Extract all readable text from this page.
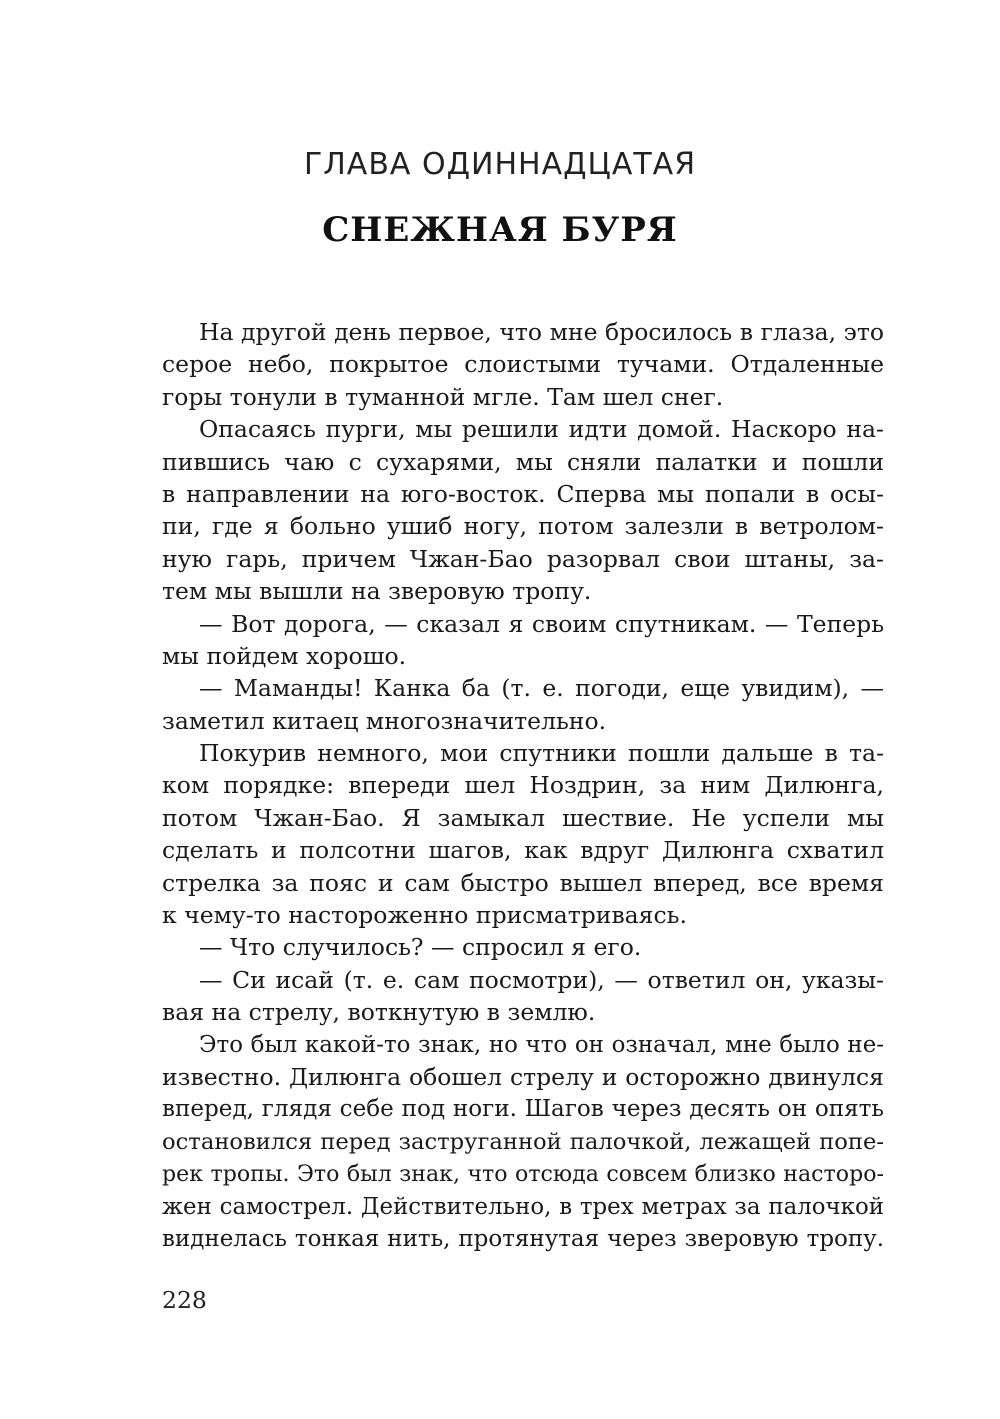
ГЛАВА ОДИННАДЦАТАЯ
СНЕЖНАЯ БУРЯ
На другой день первое, что мне бросилось в глаза, это
серое небо, покрытое слоистыми тучами. Отдаленные
горы тонули в туманной мгле. Там шел снег.
Опасаясь пурги, мы решили идти домой. Наскоро на-
пившись чаю с сухарями, мы сняли палатки и пошли
в направлении на юго-восток. Сперва мы попали в осы-
пи, где я больно ушиб ногу, потом залезли в ветролом-
ную гарь, причем Чжан-Бао разорвал свои штаны, за-
тем мы вышли на зверовую тропу.
— Вот дорога, — сказал я своим спутникам. — Теперь
мы пойдем хорошо.
— Мамaнды! Канка ба (т. е. погоди, еще увидим), —
заметил китаец многозначительно.
Покурив немного, мои спутники пошли дальше в та-
ком порядке: впереди шел Ноздрин, за ним Дилюнга,
потом Чжан-Бао. Я замыкал шествие. Не успели мы
сделать и полсотни шагов, как вдруг Дилюнга схватил
стрелка за пояс и сам быстро вышел вперед, все время
к чему-то настороженно присматриваясь.
— Что случилось? — спросил я его.
— Си исай (т. е. сам посмотри), — ответил он, указы-
вая на стрелу, воткнутую в землю.
Это был какой-то знак, но что он означал, мне было не-
известно. Дилюнга обошел стрелу и осторожно двинулся
вперед, глядя себе под ноги. Шагов через десять он опять
остановился перед заструганной палочкой, лежащей попе-
рек тропы. Это был знак, что отсюда совсем близко насторо-
жен самострел. Действительно, в трех метрах за палочкой
виднелась тонкая нить, протянутая через зверовую тропу.
228
